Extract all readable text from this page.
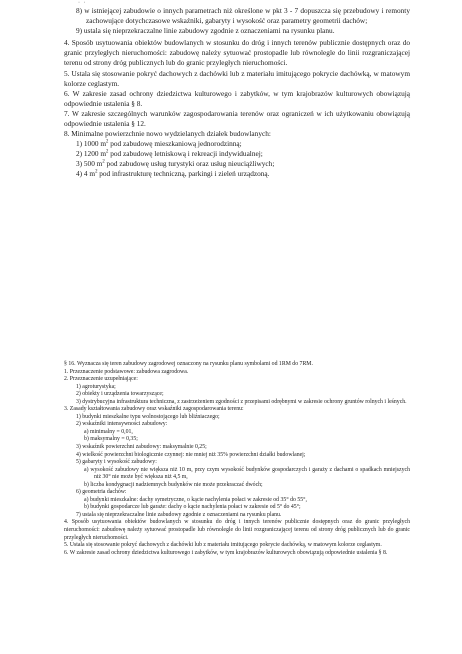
· ·

8) w istniejącej zabudowie o innych parametrach niż określone w pkt 3 - 7 dopuszcza się przebudowy i remonty zachowujące dotychczasowe wskaźniki, gabaryty i wysokość oraz parametry geometrii dachów;

9) ustala się nieprzekraczalne linie zabudowy zgodnie z oznaczeniami na rysunku planu.

4. Sposób usytuowania obiektów budowlanych w stosunku do dróg i innych terenów publicznie dostępnych oraz do granic przyległych nieruchomości: zabudowę należy sytuować prostopadle lub równolegle do linii rozgraniczającej terenu od strony dróg publicznych lub do granic przyległych nieruchomości.

5. Ustala się stosowanie pokryć dachowych z dachówki lub z materiału imitującego pokrycie dachówką, w matowym kolorze ceglastym.

6. W zakresie zasad ochrony dziedzictwa kulturowego i zabytków, w tym krajobrazów kulturowych obowiązują odpowiednie ustalenia § 8.

7. W zakresie szczególnych warunków zagospodarowania terenów oraz ograniczeń w ich użytkowaniu obowiązują odpowiednie ustalenia § 12.

8. Minimalne powierzchnie nowo wydzielanych działek budowlanych:

1) 1000 $m^2$ pod zabudowę mieszkaniową jednorodzinną;

2) 1200 $m^2$ pod zabudowę letniskową i rekreacji indywidualnej;

3) 500 $m^2$ pod zabudowę usług turystyki oraz usług nieuciążliwych;

4) 4 $m^2$ pod infrastrukturę techniczną, parkingi i zieleń urządzoną.

§ 16. Wyznacza się teren zabudowy zagrodowej oznaczony na rysunku planu symbolami od 1RM do 7RM.

1. Przeznaczenie podstawowe: zabudowa zagrodowa.

2. Przeznaczenie uzupełniające:

1) agroturystyka;

2) obiekty i urządzenia towarzyszące;

3) dystrybucyjna infrastruktura techniczna, z zastrzeżeniem zgodności z przepisami odrębnymi w zakresie ochrony gruntów rolnych i leśnych.

3. Zasady kształtowania zabudowy oraz wskaźniki zagospodarowania terenu:

1) budynki mieszkalne typu wolnostojącego lub bliźniaczego;

2) wskaźniki intensywności zabudowy:

a) minimalny = 0,01,

b) maksymalny = 0,35;

3) wskaźnik powierzchni zabudowy: maksymalnie 0,25;

4) wielkość powierzchni biologicznie czynnej: nie mniej niż 35% powierzchni działki budowlanej;

5) gabaryty i wysokość zabudowy:

a) wysokość zabudowy nie większa niż 10 m, przy czym wysokość budynków gospodarczych i garaży z dachami o spadkach mniejszych niż 30° nie może być większa niż 4,5 m,

b) liczba kondygnacji nadziemnych budynków nie może przekraczać dwóch;

6) geometria dachów:

a) budynki mieszkalne: dachy symetryczne, o kącie nachylenia połaci w zakresie od 35° do 55°,

b) budynki gospodarcze lub garaże: dachy o kącie nachylenia połaci w zakresie od 5° do 45°;

7) ustala się nieprzekraczalne linie zabudowy zgodnie z oznaczeniami na rysunku planu.

4. Sposób usytuowania obiektów budowlanych w stosunku do dróg i innych terenów publicznie dostępnych oraz do granic przyległych nieruchomości: zabudowę należy sytuować prostopadle lub równolegle do linii rozgraniczającej terenu od strony dróg publicznych lub do granic przyległych nieruchomości.

5. Ustala się stosowanie pokryć dachowych z dachówki lub z materiału imitującego pokrycie dachówką, w matowym kolorze ceglastym.

6. W zakresie zasad ochrony dziedzictwa kulturowego i zabytków, w tym krajobrazów kulturowych obowiązują odpowiednie ustalenia § 8.
